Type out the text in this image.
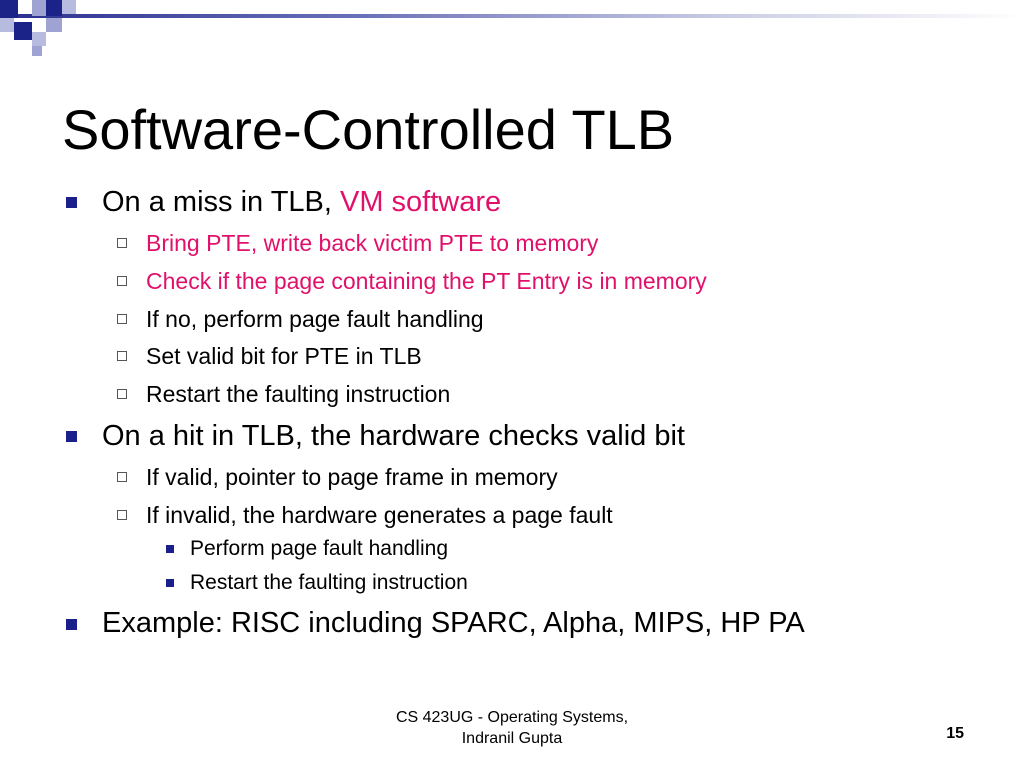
Software-Controlled TLB
On a miss in TLB, VM software
Bring PTE, write back victim PTE to memory
Check if the page containing the PT Entry is in memory
If no, perform page fault handling
Set valid bit for PTE in TLB
Restart the faulting instruction
On a hit in TLB, the hardware checks valid bit
If valid, pointer to page frame in memory
If invalid, the hardware generates a page fault
Perform page fault handling
Restart the faulting instruction
Example: RISC including SPARC, Alpha, MIPS, HP PA
CS 423UG - Operating Systems,
Indranil Gupta	15
